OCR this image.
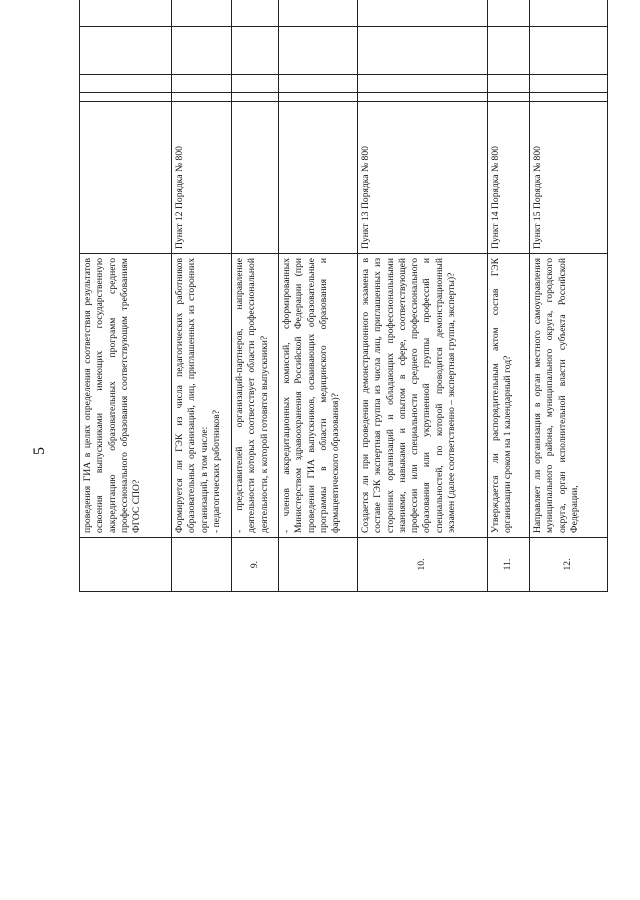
5	проведения ГИА в целях определения соответствия результатов освоения выпускниками имеющих государственную аккредитацию образовательных программ среднего профессионального образования соответствующим требованиям ФГОС СПО?	Формируется ли ГЭК из числа педагогических работников образовательных организаций, лиц, приглашенных из сторонних организаций, в том числе: - педагогических работников?
Пункт 12 Порядка № 800
9.
- представителей организаций-партнеров, направление деятельности которых соответствует области профессиональной деятельности, к которой готовятся выпускники? - членов аккредитационных комиссий, сформированных Министерством здравоохранения Российской Федерации (при проведении ГИА выпускников, осваивающих образовательные программы в области медицинского образования и фармацевтического образования)?
10.
Создается ли при проведении демонстрационного экзамена в составе ГЭК экспертная группа из числа лиц, приглашенных из сторонних организаций и обладающих профессиональными знаниями, навыками и опытом в сфере, соответствующей профессии или специальности среднего профессионального образования или укрупненной группы профессий и специальностей, по которой проводится демонстрационный экзамен (далее соответственно – экспертная группа, эксперты)?
Пункт 13 Порядка № 800
11.
Утверждается ли распорядительным актом состав ГЭК организации сроком на 1 календарный год?
Пункт 14 Порядка № 800
12.
Направляет ли организация в орган местного самоуправления муниципального района, муниципального округа, городского округа, орган исполнительной власти субъекта Российской Федерации,
Пункт 15 Порядка № 800
